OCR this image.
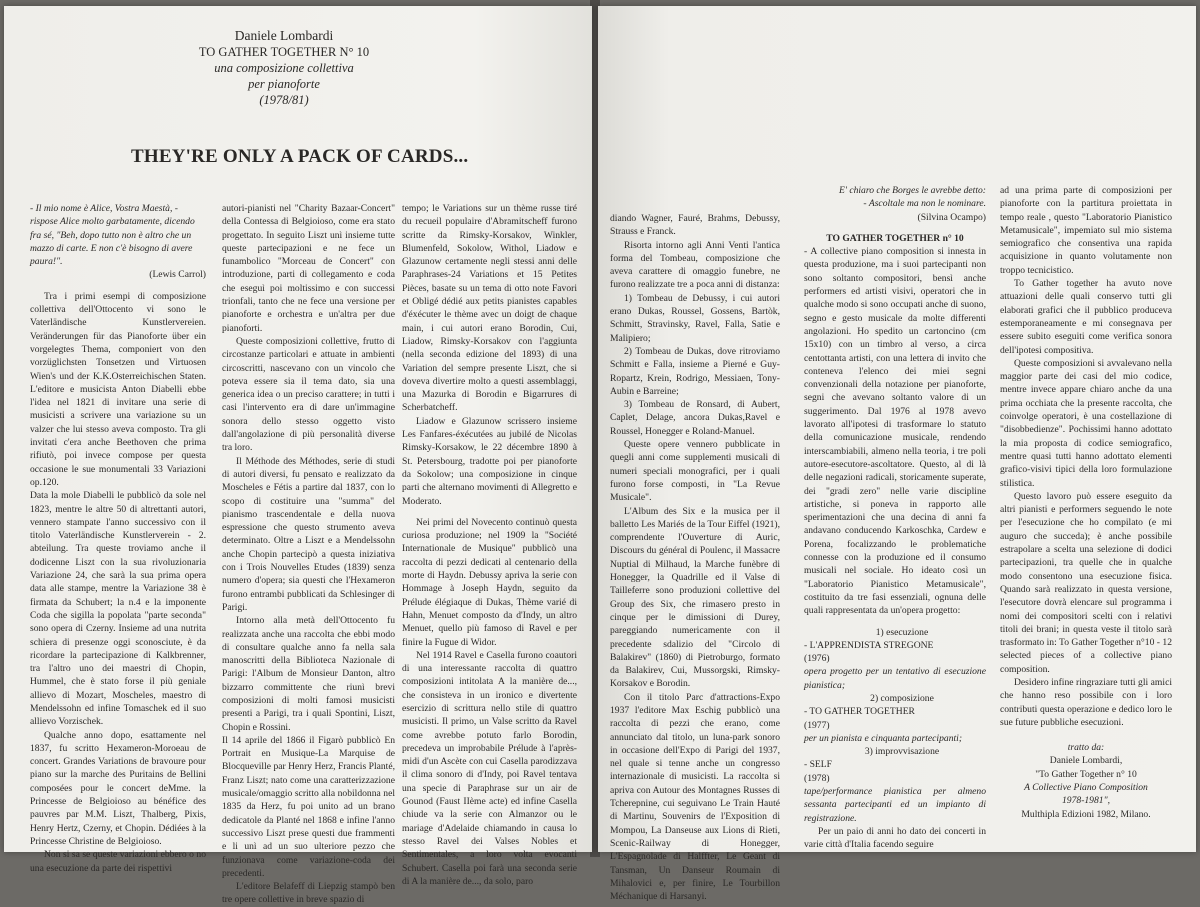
Daniele Lombardi
TO GATHER TOGETHER N° 10
una composizione collettiva
per pianoforte
(1978/81)
THEY'RE ONLY A PACK OF CARDS...

- Il mio nome è Alice, Vostra Maestà, - rispose Alice molto garbatamente, dicendo fra sé, "Beh, dopo tutto non è altro che un mazzo di carte. E non c'è bisogno di avere paura!".

(Lewis Carrol)

Tra i primi esempi di composizione collettiva dell'Ottocento vi sono le Vaterländische Kunstlervereien. Veränderungen für das Pianoforte über ein vorgelegtes Thema, componiert von den vorzüglichsten Tonsetzen und Virtuosen Wien's und der K.K.Osterreichischen Staten. L'editore e musicista Anton Diabelli ebbe l'idea nel 1821 di invitare una serie di musicisti a scrivere una variazione su un valzer che lui stesso aveva composto. Tra gli invitati c'era anche Beethoven che prima rifiutò, poi invece compose per questa occasione le sue monumentali 33 Variazioni op.120.

Data la mole Diabelli le pubblicò da sole nel 1823, mentre le altre 50 di altrettanti autori, vennero stampate l'anno successivo con il titolo Vaterländische Kunstlerverein - 2. abteilung. Tra queste troviamo anche il dodicenne Liszt con la sua rivoluzionaria Variazione 24, che sarà la sua prima opera data alle stampe, mentre la Variazione 38 è firmata da Schubert; la n.4 e la imponente Coda che sigilla la popolata "parte seconda" sono opera di Czerny. Insieme ad una nutrita schiera di presenze oggi sconosciute, è da ricordare la partecipazione di Kalkbrenner, tra l'altro uno dei maestri di Chopin, Hummel, che è stato forse il più geniale allievo di Mozart, Moscheles, maestro di Mendelssohn ed infine Tomaschek ed il suo allievo Vorzischek.

Qualche anno dopo, esattamente nel 1837, fu scritto Hexameron-Moroeau de concert. Grandes Variations de bravoure pour piano sur la marche des Puritains de Bellini composées pour le concert deMme. la Princesse de Belgioioso au bénéfice des pauvres par M.M. Liszt, Thalberg, Pixis, Henry Hertz, Czerny, et Chopin. Dédiées à la Princesse Christine de Belgioioso.

Non si sa se queste variazioni ebbero o no una esecuzione da parte dei rispettivi

autori-pianisti nel "Charity Bazaar-Concert" della Contessa di Belgioioso, come era stato progettato. In seguito Liszt unì insieme tutte queste partecipazioni e ne fece un funambolico "Morceau de Concert" con introduzione, parti di collegamento e coda che eseguì poi moltissimo e con successi trionfali, tanto che ne fece una versione per pianoforte e orchestra e un'altra per due pianoforti.

Queste composizioni collettive, frutto di circostanze particolari e attuate in ambienti circoscritti, nascevano con un vincolo che poteva essere sia il tema dato, sia una generica idea o un preciso carattere; in tutti i casi l'intervento era di dare un'immagine sonora dello stesso oggetto visto dall'angolazione di più personalità diverse tra loro.

Il Méthode des Méthodes, serie di studi di autori diversi, fu pensato e realizzato da Moscheles e Fétis a partire dal 1837, con lo scopo di costituire una "summa" del pianismo trascendentale e della nuova espressione che questo strumento aveva determinato. Oltre a Liszt e a Mendelssohn anche Chopin partecipò a questa iniziativa con i Trois Nouvelles Etudes (1839) senza numero d'opera; sia questi che l'Hexameron furono entrambi pubblicati da Schlesinger di Parigi.

Intorno alla metà dell'Ottocento fu realizzata anche una raccolta che ebbi modo di consultare qualche anno fa nella sala manoscritti della Biblioteca Nazionale di Parigi: l'Album de Monsieur Danton, altro bizzarro committente che riunì brevi composizioni di molti famosi musicisti presenti a Parigi, tra i quali Spontini, Liszt, Chopin e Rossini.

Il 14 aprile del 1866 il Figarò pubblicò En Portrait en Musique-La Marquise de Blocqueville par Henry Herz, Francis Planté, Franz Liszt; nato come una caratterizzazione musicale/omaggio scritto alla nobildonna nel 1835 da Herz, fu poi unito ad un brano dedicatole da Planté nel 1868 e infine l'anno successivo Liszt prese questi due frammenti e li unì ad un suo ulteriore pezzo che funzionava come variazione-coda dei precedenti.

L'editore Belafeff di Liepzig stampò ben tre opere collettive in breve spazio di

tempo; le Variations sur un thème russe tiré du recueil populaire d'Abramitscheff furono scritte da Rimsky-Korsakov, Winkler, Blumenfeld, Sokolow, Withol, Liadow e Glazunow certamente negli stessi anni delle Paraphrases-24 Variations et 15 Petites Pièces, basate su un tema di otto note Favori et Obligé dédié aux petits pianistes capables d'éxécuter le thème avec un doigt de chaque main, i cui autori erano Borodin, Cui, Liadow, Rimsky-Korsakov con l'aggiunta (nella seconda edizione del 1893) di una Variation del sempre presente Liszt, che si doveva divertire molto a questi assemblaggi, una Mazurka di Borodin e Bigarrures di Scherbatcheff.

Liadow e Glazunow scrissero insieme Les Fanfares-éxécutées au jubilé de Nicolas Rimsky-Korsakow, le 22 décembre 1890 à St. Petersbourg, tradotte poi per pianoforte da Sokolow; una composizione in cinque parti che alternano movimenti di Allegretto e Moderato.

Nei primi del Novecento continuò questa curiosa produzione; nel 1909 la "Société Internationale de Musique" pubblicò una raccolta di pezzi dedicati al centenario della morte di Haydn. Debussy apriva la serie con Hommage à Joseph Haydn, seguito da Prélude élégiaque di Dukas, Thème varié di Hahn, Menuet composto da d'Indy, un altro Menuet, quello più famoso di Ravel e per finire la Fugue di Widor.

Nel 1914 Ravel e Casella furono coautori di una interessante raccolta di quattro composizioni intitolata A la manière de..., che consisteva in un ironico e divertente esercizio di scrittura nello stile di quattro musicisti. Il primo, un Valse scritto da Ravel come avrebbe potuto farlo Borodin, precedeva un improbabile Prélude à l'après-midi d'un Ascète con cui Casella parodizzava il clima sonoro di d'Indy, poi Ravel tentava una specie di Paraphrase sur un air de Gounod (Faust IIème acte) ed infine Casella chiude va la serie con Almanzor ou le mariage d'Adelaide chiamando in causa lo stesso Ravel dei Valses Nobles et Sentimentales, a loro volta evocanti Schubert. Casella poi farà una seconda serie di A la manière de..., da solo, paro

diando Wagner, Fauré, Brahms, Debussy, Strauss e Franck.

Risorta intorno agli Anni Venti l'antica forma del Tombeau, composizione che aveva carattere di omaggio funebre, ne furono realizzate tre a poca anni di distanza:

1) Tombeau de Debussy, i cui autori erano Dukas, Roussel, Gossens, Bartòk, Schmitt, Stravinsky, Ravel, Falla, Satie e Malipiero;

2) Tombeau de Dukas, dove ritroviamo Schmitt e Falla, insieme a Pierné e Guy-Ropartz, Krein, Rodrigo, Messiaen, Tony-Aubin e Barreine;

3) Tombeau de Ronsard, di Aubert, Caplet, Delage, ancora Dukas,Ravel e Roussel, Honegger e Roland-Manuel.

Queste opere vennero pubblicate in quegli anni come supplementi musicali di numeri speciali monografici, per i quali furono forse composti, in "La Revue Musicale".

L'Album des Six e la musica per il balletto Les Mariés de la Tour Eiffel (1921), comprendente l'Ouverture di Auric, Discours du général di Poulenc, il Massacre Nuptial di Milhaud, la Marche funèbre di Honegger, la Quadrille ed il Valse di Tailleferre sono produzioni collettive del Group des Six, che rimasero presto in cinque per le dimissioni di Durey, pareggiando numericamente con il precedente sdalizio del "Circolo di Balakirev" (1860) di Pietroburgo, formato da Balakirev, Cui, Mussorgski, Rimsky-Korsakov e Borodin.

Con il titolo Parc d'attractions-Expo 1937 l'editore Max Eschig pubblicò una raccolta di pezzi che erano, come annunciato dal titolo, un luna-park sonoro in occasione dell'Expo di Parigi del 1937, nel quale si tenne anche un congresso internazionale di musicisti. La raccolta si apriva con Autour des Montagnes Russes di Tcherepnine, cui seguivano Le Train Hauté di Martinu, Souvenirs de l'Exposition di Mompou, La Danseuse aux Lions di Rieti, Scenic-Railway di Honegger, L'Espagnolade di Halffter, Le Geant di Tansman, Un Danseur Roumain di Mihalovici e, per finire, Le Tourbillon Méchanique di Harsanyi.

E' chiaro che Borges le avrebbe detto:

- Ascoltale ma non le nominare.

(Silvina Ocampo)

TO GATHER TOGETHER n° 10

- A collective piano composition si innesta in questa produzione, ma i suoi partecipanti non sono soltanto compositori, bensì anche performers ed artisti visivi, operatori che in qualche modo si sono occupati anche di suono, segno e gesto musicale da molte differenti angolazioni. Ho spedito un cartoncino (cm 15x10) con un timbro al verso, a circa centottanta artisti, con una lettera di invito che conteneva l'elenco dei miei segni convenzionali della notazione per pianoforte, segni che avevano soltanto valore di un suggerimento. Dal 1976 al 1978 avevo lavorato all'ipotesi di trasformare lo statuto della comunicazione musicale, rendendo interscambiabili, almeno nella teoria, i tre poli autore-esecutore-ascoltatore. Questo, al di là delle negazioni radicali, storicamente superate, dei "gradi zero" nelle varie discipline artistiche, si poneva in rapporto alle sperimentazioni che una decina di anni fa andavano conducendo Karkoschka, Cardew e Porena, focalizzando le problematiche connesse con la produzione ed il consumo musicali nel sociale. Ho ideato così un "Laboratorio Pianistico Metamusicale", costituito da tre fasi essenziali, ognuna delle quali rappresentata da un'opera progetto:

1) esecuzione

- L'APPRENDISTA STREGONE

(1976)

opera progetto per un tentativo di esecuzione pianistica;

2) composizione

- TO GATHER TOGETHER

(1977)

per un pianista e cinquanta partecipanti;

3) improvvisazione

- SELF

(1978)

tape/performance pianistica per almeno sessanta partecipanti ed un impianto di registrazione.

Per un paio di anni ho dato dei concerti in varie città d'Italia facendo seguire

ad una prima parte di composizioni per pianoforte con la partitura proiettata in tempo reale , questo "Laboratorio Pianistico Metamusicale", impemiato sul mio sistema semiografico che consentiva una rapida acquisizione in quanto volutamente non troppo tecnicistico.

To Gather together ha avuto nove attuazioni delle quali conservo tutti gli elaborati grafici che il pubblico produceva estemporaneamente e mi consegnava per essere subito eseguiti come verifica sonora dell'ipotesi compositiva.

Queste composizioni si avvalevano nella maggior parte dei casi del mio codice, mentre invece appare chiaro anche da una prima occhiata che la presente raccolta, che coinvolge operatori, è una costellazione di "disobbedienze". Pochissimi hanno adottato la mia proposta di codice semiografico, mentre quasi tutti hanno adottato elementi grafico-visivi tipici della loro formulazione stilistica.

Questo lavoro può essere eseguito da altri pianisti e performers seguendo le note per l'esecuzione che ho compilato (e mi auguro che succeda); è anche possibile estrapolare a scelta una selezione di dodici partecipazioni, tra quelle che in qualche modo consentono una esecuzione fisica. Quando sarà realizzato in questa versione, l'esecutore dovrà elencare sul programma i nomi dei compositori scelti con i relativi titoli dei brani; in questa veste il titolo sarà trasformato in: To Gather Together n°10 - 12 selected pieces of a collective piano composition.

Desidero infine ringraziare tutti gli amici che hanno reso possibile con i loro contributi questa operazione e dedico loro le sue future pubbliche esecuzioni.

tratto da:
Daniele Lombardi,
"To Gather Together n° 10
A Collective Piano Composition
1978-1981",
Multhipla Edizioni 1982, Milano.
